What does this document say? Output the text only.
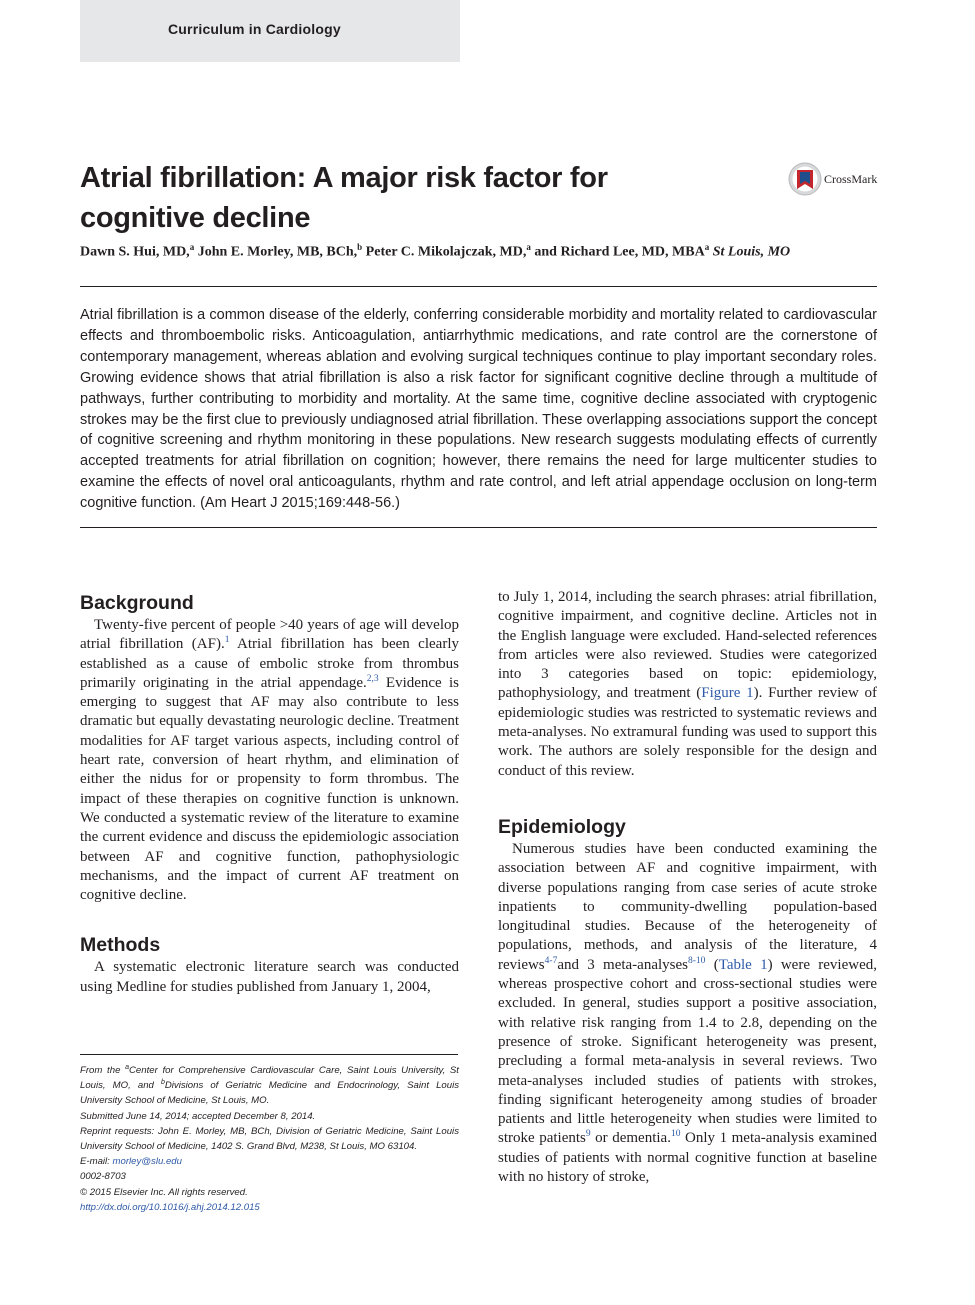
Curriculum in Cardiology
Atrial fibrillation: A major risk factor for cognitive decline
CrossMark
Dawn S. Hui, MD,$^a$ John E. Morley, MB, BCh,$^b$ Peter C. Mikolajczak, MD,$^a$ and Richard Lee, MD, MBA$^a$ St Louis, MO

Atrial fibrillation is a common disease of the elderly, conferring considerable morbidity and mortality related to cardiovascular effects and thromboembolic risks. Anticoagulation, antiarrhythmic medications, and rate control are the cornerstone of contemporary management, whereas ablation and evolving surgical techniques continue to play important secondary roles. Growing evidence shows that atrial fibrillation is also a risk factor for significant cognitive decline through a multitude of pathways, further contributing to morbidity and mortality. At the same time, cognitive decline associated with cryptogenic strokes may be the first clue to previously undiagnosed atrial fibrillation. These overlapping associations support the concept of cognitive screening and rhythm monitoring in these populations. New research suggests modulating effects of currently accepted treatments for atrial fibrillation on cognition; however, there remains the need for large multicenter studies to examine the effects of novel oral anticoagulants, rhythm and rate control, and left atrial appendage occlusion on long-term cognitive function. (Am Heart J 2015;169:448-56.)

Background

Twenty-five percent of people >40 years of age will develop atrial fibrillation (AF).$^1$ Atrial fibrillation has been clearly established as a cause of embolic stroke from thrombus primarily originating in the atrial appendage.$^{2,3}$ Evidence is emerging to suggest that AF may also contribute to less dramatic but equally devastating neurologic decline. Treatment modalities for AF target various aspects, including control of heart rate, conversion of heart rhythm, and elimination of either the nidus for or propensity to form thrombus. The impact of these therapies on cognitive function is unknown. We conducted a systematic review of the literature to examine the current evidence and discuss the epidemiologic association between AF and cognitive function, pathophysiologic mechanisms, and the impact of current AF treatment on cognitive decline.

Methods

A systematic electronic literature search was conducted using Medline for studies published from January 1, 2004,

to July 1, 2014, including the search phrases: atrial fibrillation, cognitive impairment, and cognitive decline. Articles not in the English language were excluded. Hand-selected references from articles were also reviewed. Studies were categorized into 3 categories based on topic: epidemiology, pathophysiology, and treatment (Figure 1). Further review of epidemiologic studies was restricted to systematic reviews and meta-analyses. No extramural funding was used to support this work. The authors are solely responsible for the design and conduct of this review.

Epidemiology

Numerous studies have been conducted examining the association between AF and cognitive impairment, with diverse populations ranging from case series of acute stroke inpatients to community-dwelling population-based longitudinal studies. Because of the heterogeneity of populations, methods, and analysis of the literature, 4 reviews$^{4-7}$and 3 meta-analyses$^{8-10}$ (Table 1) were reviewed, whereas prospective cohort and cross-sectional studies were excluded. In general, studies support a positive association, with relative risk ranging from 1.4 to 2.8, depending on the presence of stroke. Significant heterogeneity was present, precluding a formal meta-analysis in several reviews. Two meta-analyses included studies of patients with strokes, finding significant heterogeneity among studies of broader patients and little heterogeneity when studies were limited to stroke patients$^9$ or dementia.$^{10}$ Only 1 meta-analysis examined studies of patients with normal cognitive function at baseline with no history of stroke,

From the $^a$Center for Comprehensive Cardiovascular Care, Saint Louis University, St Louis, MO, and $^b$Divisions of Geriatric Medicine and Endocrinology, Saint Louis University School of Medicine, St Louis, MO.
Submitted June 14, 2014; accepted December 8, 2014.
Reprint requests: John E. Morley, MB, BCh, Division of Geriatric Medicine, Saint Louis University School of Medicine, 1402 S. Grand Blvd, M238, St Louis, MO 63104.
E-mail: morley@slu.edu
0002-8703
© 2015 Elsevier Inc. All rights reserved.
http://dx.doi.org/10.1016/j.ahj.2014.12.015
